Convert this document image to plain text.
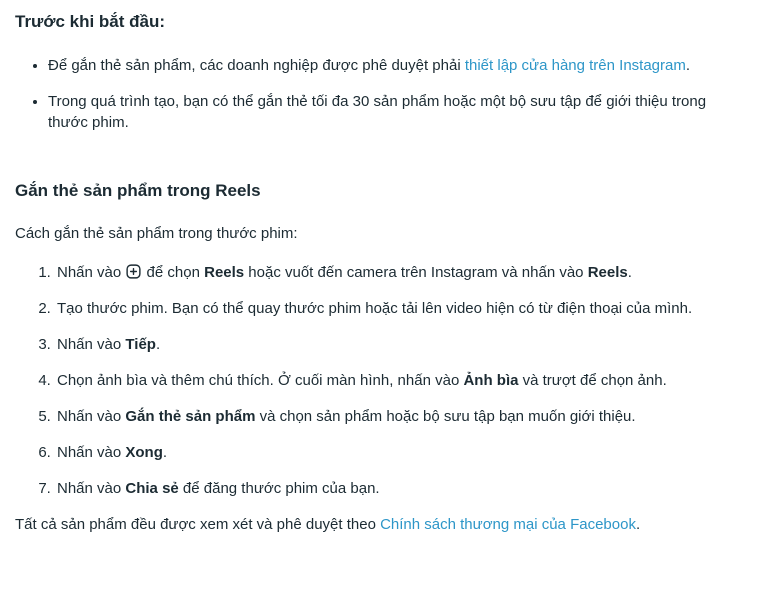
Trước khi bắt đầu:
• Để gắn thẻ sản phẩm, các doanh nghiệp được phê duyệt phải thiết lập cửa hàng trên Instagram.
• Trong quá trình tạo, bạn có thể gắn thẻ tối đa 30 sản phẩm hoặc một bộ sưu tập để giới thiệu trong thước phim.
Gắn thẻ sản phẩm trong Reels

Cách gắn thẻ sản phẩm trong thước phim:

1. Nhấn vào  để chọn Reels hoặc vuốt đến camera trên Instagram và nhấn vào Reels.
2. Tạo thước phim. Bạn có thể quay thước phim hoặc tải lên video hiện có từ điện thoại của mình.
3. Nhấn vào Tiếp.
4. Chọn ảnh bìa và thêm chú thích. Ở cuối màn hình, nhấn vào Ảnh bìa và trượt để chọn ảnh.
5. Nhấn vào Gắn thẻ sản phẩm và chọn sản phẩm hoặc bộ sưu tập bạn muốn giới thiệu.
6. Nhấn vào Xong.
7. Nhấn vào Chia sẻ để đăng thước phim của bạn.

Tất cả sản phẩm đều được xem xét và phê duyệt theo Chính sách thương mại của Facebook.
